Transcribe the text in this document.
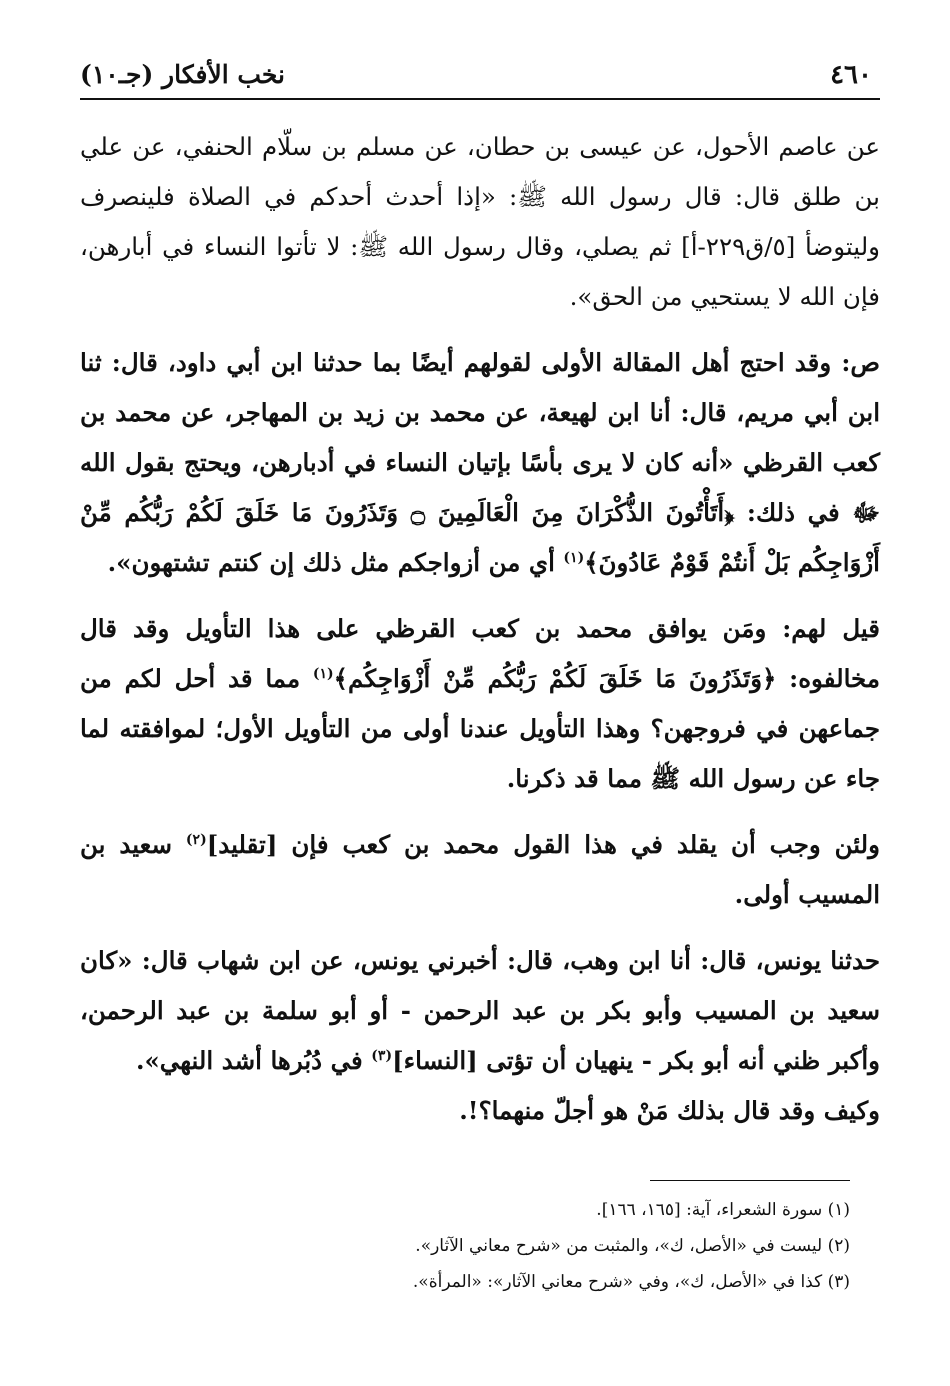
٤٦٠
نخب الأفكار (جـ١٠)

عن عاصم الأحول، عن عيسى بن حطان، عن مسلم بن سلّام الحنفي، عن علي بن طلق قال: قال رسول الله ﷺ: «إذا أحدث أحدكم في الصلاة فلينصرف وليتوضأ [٥/ق٢٢٩-أ] ثم يصلي، وقال رسول الله ﷺ: لا تأتوا النساء في أبارهن، فإن الله لا يستحيي من الحق».

ص: وقد احتج أهل المقالة الأولى لقولهم أيضًا بما حدثنا ابن أبي داود، قال: ثنا ابن أبي مريم، قال: أنا ابن لهيعة، عن محمد بن زيد بن المهاجر، عن محمد بن كعب القرظي «أنه كان لا يرى بأسًا بإتيان النساء في أدبارهن، ويحتج بقول الله ﷻ في ذلك: ﴿أَتَأْتُونَ الذُّكْرَانَ مِنَ الْعَالَمِينَ ۝ وَتَذَرُونَ مَا خَلَقَ لَكُمْ رَبُّكُم مِّنْ أَزْوَاجِكُم بَلْ أَنتُمْ قَوْمٌ عَادُونَ﴾$^{(١)}$ أي من أزواجكم مثل ذلك إن كنتم تشتهون».

قيل لهم: ومَن يوافق محمد بن كعب القرظي على هذا التأويل وقد قال مخالفوه: ﴿وَتَذَرُونَ مَا خَلَقَ لَكُمْ رَبُّكُم مِّنْ أَزْوَاجِكُم﴾$^{(١)}$ مما قد أحل لكم من جماعهن في فروجهن؟ وهذا التأويل عندنا أولى من التأويل الأول؛ لموافقته لما جاء عن رسول الله ﷺ مما قد ذكرنا.

ولئن وجب أن يقلد في هذا القول محمد بن كعب فإن [تقليد]$^{(٢)}$ سعيد بن المسيب أولى.

حدثنا يونس، قال: أنا ابن وهب، قال: أخبرني يونس، عن ابن شهاب قال: «كان سعيد بن المسيب وأبو بكر بن عبد الرحمن - أو أبو سلمة بن عبد الرحمن، وأكبر ظني أنه أبو بكر - ينهيان أن تؤتى [النساء]$^{(٣)}$ في دُبُرها أشد النهي».

وكيف وقد قال بذلك مَنْ هو أجلّ منهما؟!.

(١) سورة الشعراء، آية: [١٦٥، ١٦٦].

(٢) ليست في «الأصل، ك»، والمثبت من «شرح معاني الآثار».

(٣) كذا في «الأصل، ك»، وفي «شرح معاني الآثار»: «المرأة».
